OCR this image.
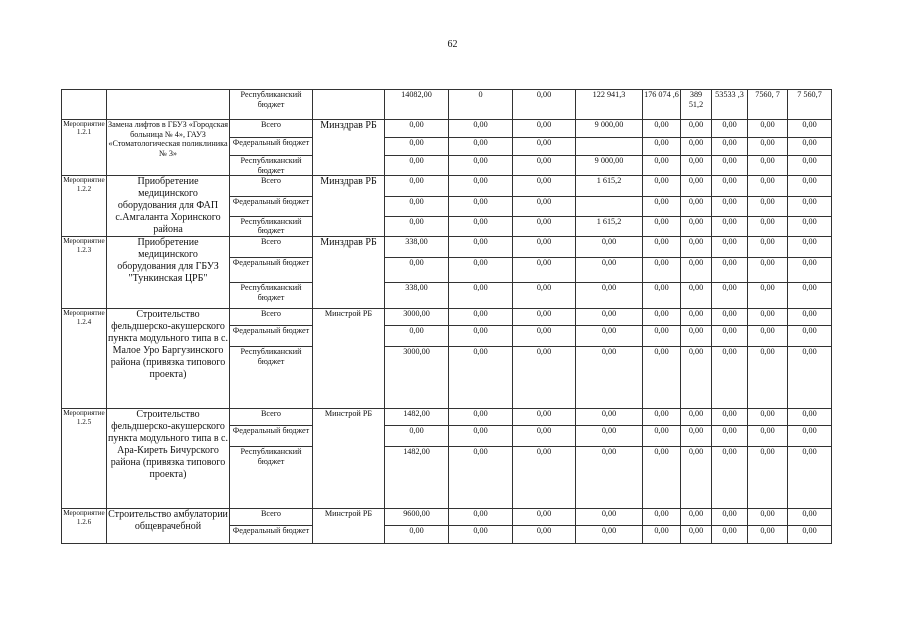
62
		Республиканский бюджет		14082,00	0	0,00	122 941,3	176 074 ,6	389 51,2	53533 ,3	7560, 7	7 560,7
Мероприятие 1.2.1	Замена лифтов в ГБУЗ «Городская больница № 4», ГАУЗ «Стоматологическая поликлиника № 3»	Всего	Минздрав РБ	0,00	0,00	0,00	9 000,00	0,00	0,00	0,00	0,00	0,00
		Федеральный бюджет		0,00	0,00	0,00		0,00	0,00	0,00	0,00	0,00
		Республиканский бюджет		0,00	0,00	0,00	9 000,00	0,00	0,00	0,00	0,00	0,00
Мероприятие 1.2.2	Приобретение медицинского оборудования для ФАП с.Амгаланта Хоринского района	Всего	Минздрав РБ	0,00	0,00	0,00	1 615,2	0,00	0,00	0,00	0,00	0,00
		Федеральный бюджет		0,00	0,00	0,00		0,00	0,00	0,00	0,00	0,00
		Республиканский бюджет		0,00	0,00	0,00	1 615,2	0,00	0,00	0,00	0,00	0,00
Мероприятие 1.2.3	Приобретение медицинского оборудования для ГБУЗ "Тункинская ЦРБ"	Всего	Минздрав РБ	338,00	0,00	0,00	0,00	0,00	0,00	0,00	0,00	0,00
		Федеральный бюджет		0,00	0,00	0,00	0,00	0,00	0,00	0,00	0,00	0,00
		Республиканский бюджет		338,00	0,00	0,00	0,00	0,00	0,00	0,00	0,00	0,00
Мероприятие 1.2.4	Строительство фельдшерско-акушерского пункта модульного типа в с. Малое Уро Баргузинского района (привязка типового проекта)	Всего	Минстрой РБ	3000,00	0,00	0,00	0,00	0,00	0,00	0,00	0,00	0,00
		Федеральный бюджет		0,00	0,00	0,00	0,00	0,00	0,00	0,00	0,00	0,00
		Республиканский бюджет		3000,00	0,00	0,00	0,00	0,00	0,00	0,00	0,00	0,00
Мероприятие 1.2.5	Строительство фельдшерско-акушерского пункта модульного типа в с. Ара-Киреть Бичурского района (привязка типового проекта)	Всего	Минстрой РБ	1482,00	0,00	0,00	0,00	0,00	0,00	0,00	0,00	0,00
		Федеральный бюджет		0,00	0,00	0,00	0,00	0,00	0,00	0,00	0,00	0,00
		Республиканский бюджет		1482,00	0,00	0,00	0,00	0,00	0,00	0,00	0,00	0,00
Мероприятие 1.2.6	Строительство амбулатории общеврачебной	Всего	Минстрой РБ	9600,00	0,00	0,00	0,00	0,00	0,00	0,00	0,00	0,00
		Федеральный бюджет		0,00	0,00	0,00	0,00	0,00	0,00	0,00	0,00	0,00
